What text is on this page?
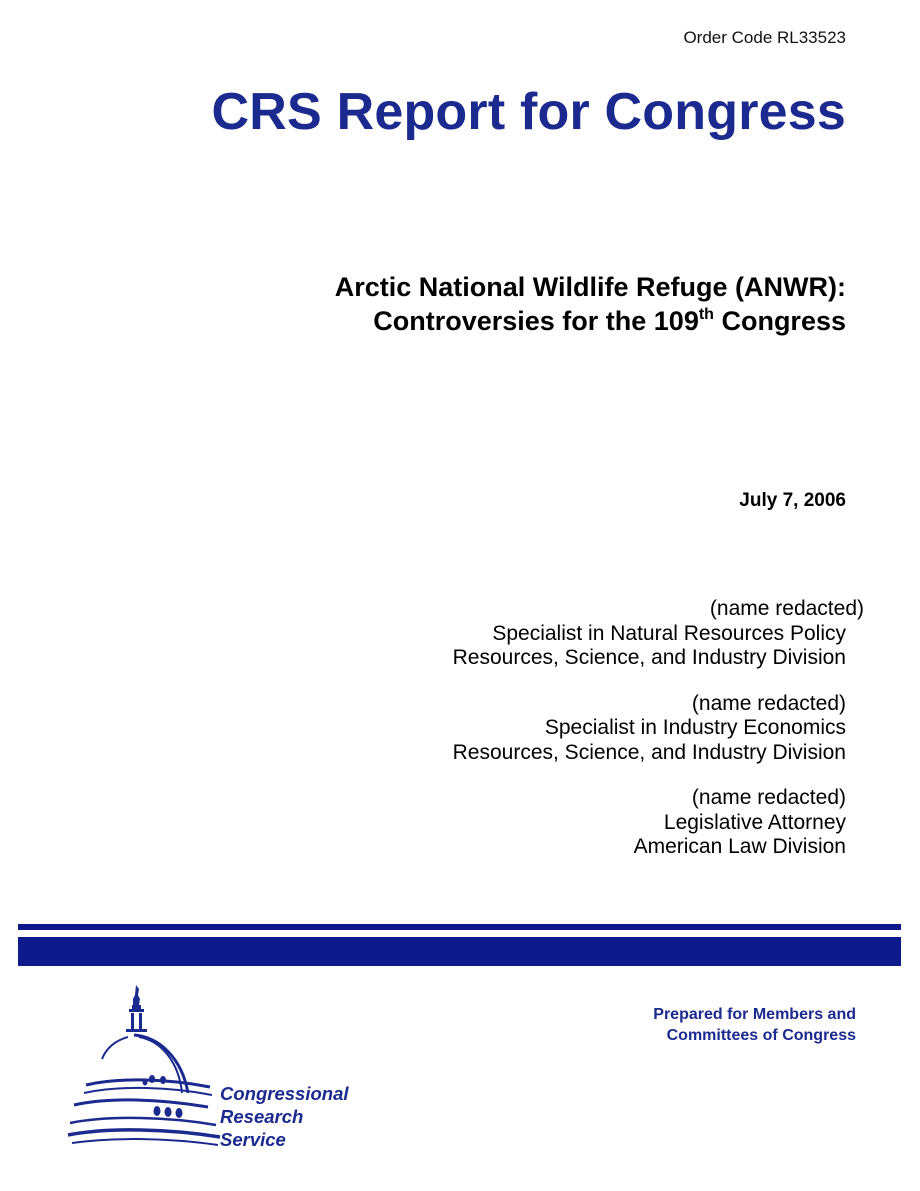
Order Code RL33523
CRS Report for Congress
Arctic National Wildlife Refuge (ANWR):
Controversies for the 109th Congress
July 7, 2006
(name redacted)
Specialist in Natural Resources Policy
Resources, Science, and Industry Division
(name redacted)
Specialist in Industry Economics
Resources, Science, and Industry Division
(name redacted)
Legislative Attorney
American Law Division
Congressional
Research
Service
Prepared for Members and
Committees of Congress
